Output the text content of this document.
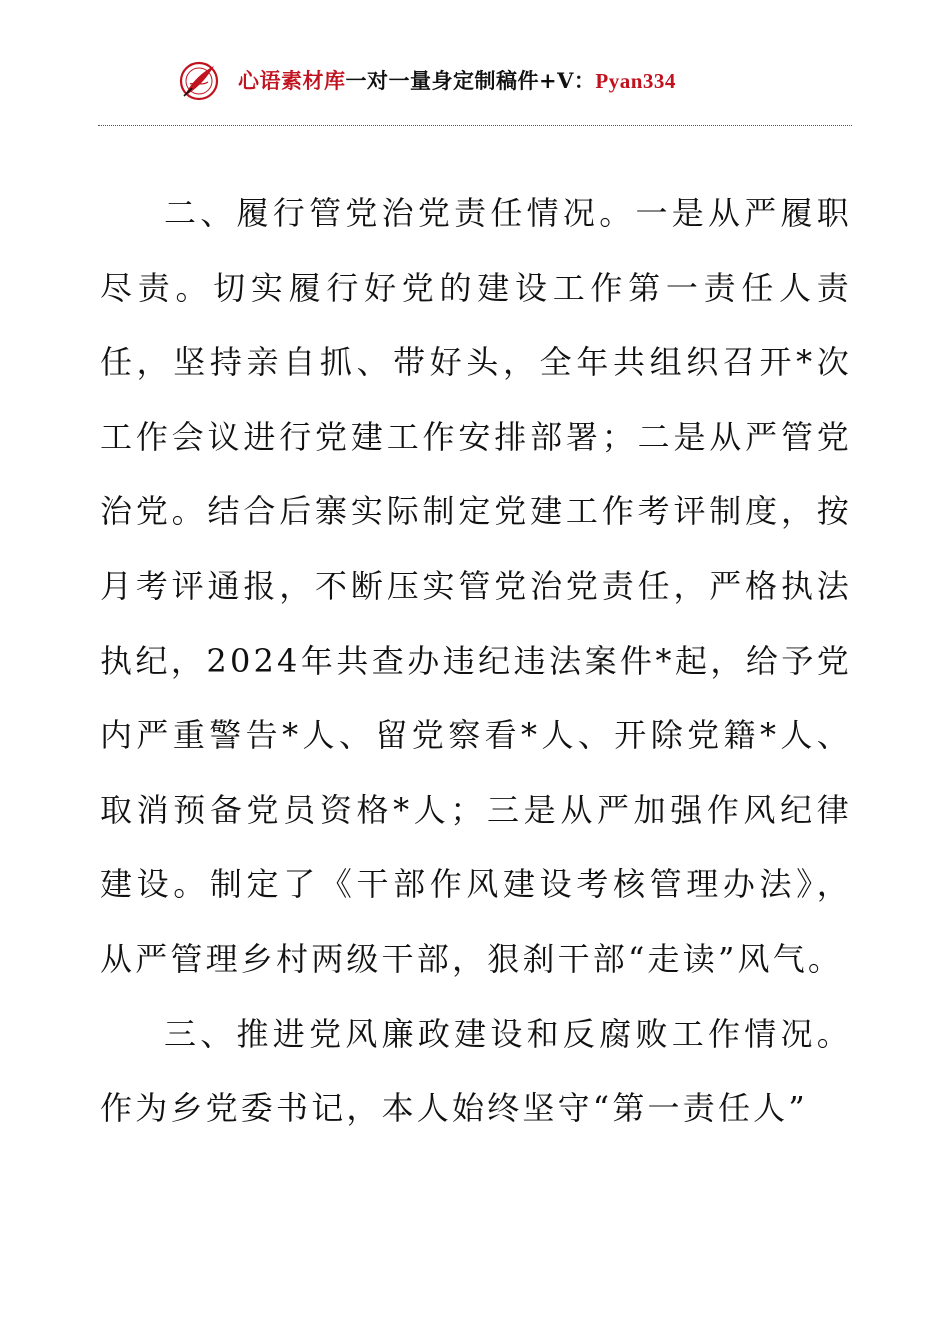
心语素材库一对一量身定制稿件+V：Pyan334

二、履行管党治党责任情况。一是从严履职尽责。切实履行好党的建设工作第一责任人责任，坚持亲自抓、带好头，全年共组织召开*次工作会议进行党建工作安排部署；二是从严管党治党。结合后寨实际制定党建工作考评制度，按月考评通报，不断压实管党治党责任，严格执法执纪，2024年共查办违纪违法案件*起，给予党内严重警告*人、留党察看*人、开除党籍*人、取消预备党员资格*人；三是从严加强作风纪律建设。制定了《干部作风建设考核管理办法》，从严管理乡村两级干部，狠刹干部“走读”风气。

三、推进党风廉政建设和反腐败工作情况。作为乡党委书记，本人始终坚守“第一责任人”
